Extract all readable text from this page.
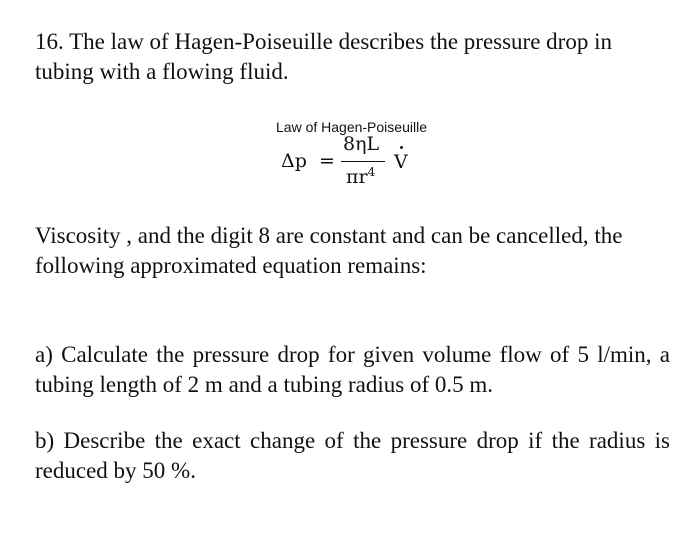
16. The law of Hagen-Poiseuille describes the pressure drop in tubing with a flowing fluid.

Law of Hagen-Poiseuille
Δp =
8ηL
$\pi r^4$ V

Viscosity , and the digit 8 are constant and can be cancelled, the following approximated equation remains:

a) Calculate the pressure drop for given volume flow of 5 l/min, a tubing length of 2 m and a tubing radius of 0.5 m.

b) Describe the exact change of the pressure drop if the radius is reduced by 50 %.
